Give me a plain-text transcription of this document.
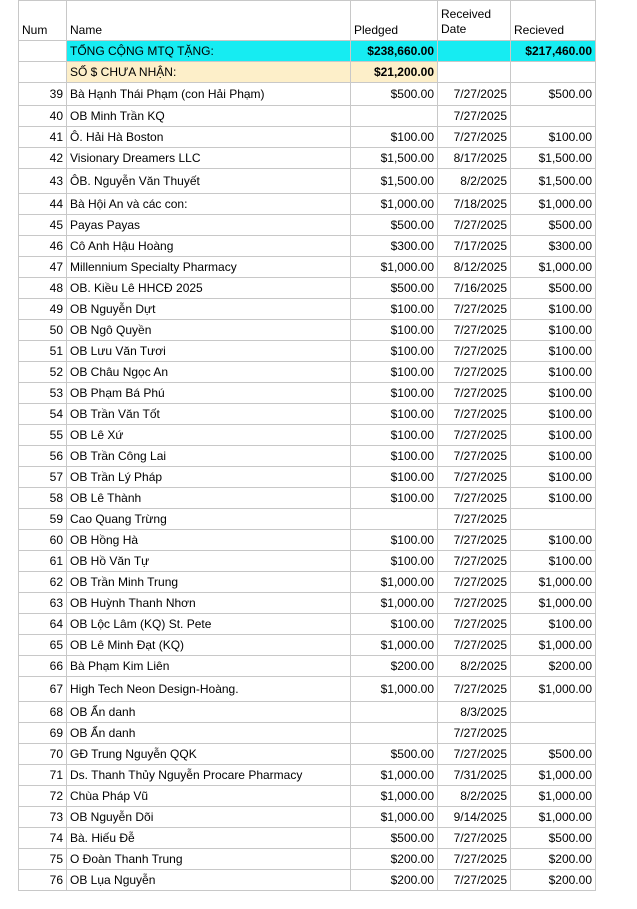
Num	Name	Pledged	Received Date	Recieved
	TỔNG CỘNG MTQ TẶNG:	$238,660.00		$217,460.00
	SỐ $ CHƯA NHẬN:	$21,200.00		
39	Bà Hạnh Thái Phạm (con Hải Phạm)	$500.00	7/27/2025	$500.00
40	OB Minh Trần KQ		7/27/2025	
41	Ô. Hải Hà Boston	$100.00	7/27/2025	$100.00
42	Visionary Dreamers LLC	$1,500.00	8/17/2025	$1,500.00
43	ÔB. Nguyễn Văn Thuyết	$1,500.00	8/2/2025	$1,500.00
44	Bà Hội An và các con:	$1,000.00	7/18/2025	$1,000.00
45	Payas Payas	$500.00	7/27/2025	$500.00
46	Cô Anh Hậu Hoàng	$300.00	7/17/2025	$300.00
47	Millennium Specialty Pharmacy	$1,000.00	8/12/2025	$1,000.00
48	OB. Kiều Lê HHCĐ 2025	$500.00	7/16/2025	$500.00
49	OB Nguyễn Dựt	$100.00	7/27/2025	$100.00
50	OB Ngô Quyền	$100.00	7/27/2025	$100.00
51	OB Lưu Văn Tươi	$100.00	7/27/2025	$100.00
52	OB Châu Ngọc An	$100.00	7/27/2025	$100.00
53	OB Phạm Bá Phú	$100.00	7/27/2025	$100.00
54	OB Trần Văn Tốt	$100.00	7/27/2025	$100.00
55	OB Lê Xứ	$100.00	7/27/2025	$100.00
56	OB Trần Công Lai	$100.00	7/27/2025	$100.00
57	OB Trần Lý Pháp	$100.00	7/27/2025	$100.00
58	OB Lê Thành	$100.00	7/27/2025	$100.00
59	Cao Quang Trừng		7/27/2025	
60	OB Hồng Hà	$100.00	7/27/2025	$100.00
61	OB Hồ Văn Tự	$100.00	7/27/2025	$100.00
62	OB Trần Minh Trung	$1,000.00	7/27/2025	$1,000.00
63	OB Huỳnh Thanh Nhơn	$1,000.00	7/27/2025	$1,000.00
64	OB Lộc Lâm (KQ) St. Pete	$100.00	7/27/2025	$100.00
65	OB Lê Minh Đạt (KQ)	$1,000.00	7/27/2025	$1,000.00
66	Bà Phạm Kim Liên	$200.00	8/2/2025	$200.00
67	High Tech Neon Design-Hoàng.	$1,000.00	7/27/2025	$1,000.00
68	OB Ẩn danh		8/3/2025	
69	OB Ẩn danh		7/27/2025	
70	GĐ Trung Nguyễn QQK	$500.00	7/27/2025	$500.00
71	Ds. Thanh Thủy Nguyễn Procare Pharmacy	$1,000.00	7/31/2025	$1,000.00
72	Chùa Pháp Vũ	$1,000.00	8/2/2025	$1,000.00
73	OB Nguyễn Dõi	$1,000.00	9/14/2025	$1,000.00
74	Bà. Hiếu Đễ	$500.00	7/27/2025	$500.00
75	O Đoàn Thanh Trung	$200.00	7/27/2025	$200.00
76	OB Lụa Nguyễn	$200.00	7/27/2025	$200.00
